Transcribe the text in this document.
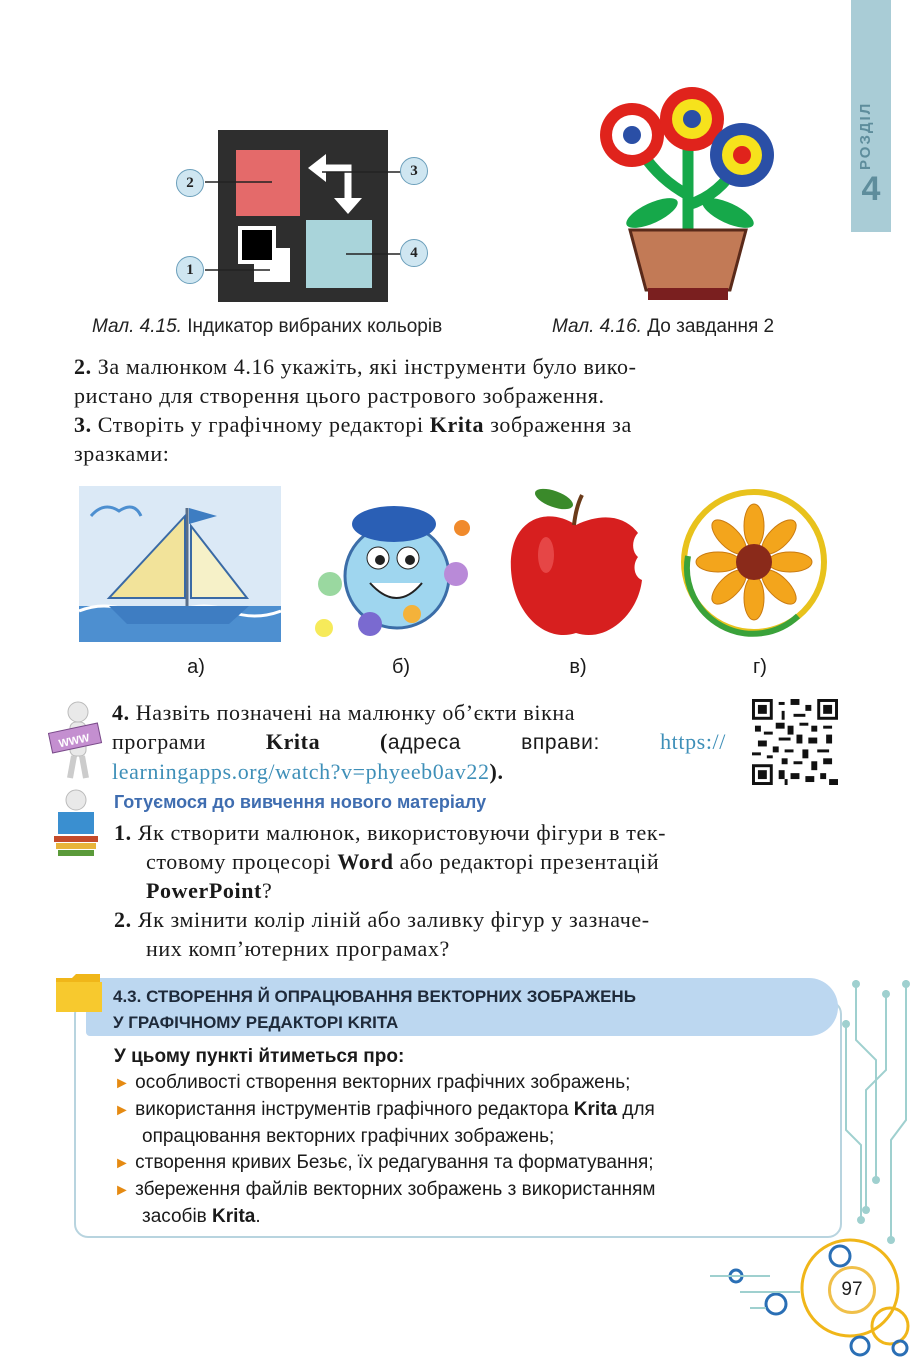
РОЗДІЛ
4
2
3
1
4
Мал. 4.15. Індикатор вибраних кольорів	Мал. 4.16. До завдання 2
2. За малюнком 4.16 укажіть, які інструменти було вико-
ристано для створення цього растрового зображення.
3. Створіть у графічному редакторі Krita зображення за
зразками:
а)	б)	в)	г)
WWW
4. Назвіть позначені на малюнку об’єкти вікна
програми Krita	(адреса вправи: https://
learningapps.org/watch?v=phyeeb0av22).
Готуємося до вивчення нового матеріалу
1. Як створити малюнок, використовуючи фігури в тек-
стовому процесорі Word або редакторі презентацій
PowerPoint?
2. Як змінити колір ліній або заливку фігур у зазначе-
них комп’ютерних програмах?
4.3. СТВОРЕННЯ Й ОПРАЦЮВАННЯ ВЕКТОРНИХ ЗОБРАЖЕНЬ
У ГРАФІЧНОМУ РЕДАКТОРІ KRITA
У цьому пункті йтиметься про:
► особливості створення векторних графічних зображень;
► використання інструментів графічного редактора Krita для
опрацювання векторних графічних зображень;
► створення кривих Безьє, їх редагування та форматування;
► збереження файлів векторних зображень з використанням
засобів Krita.
97
